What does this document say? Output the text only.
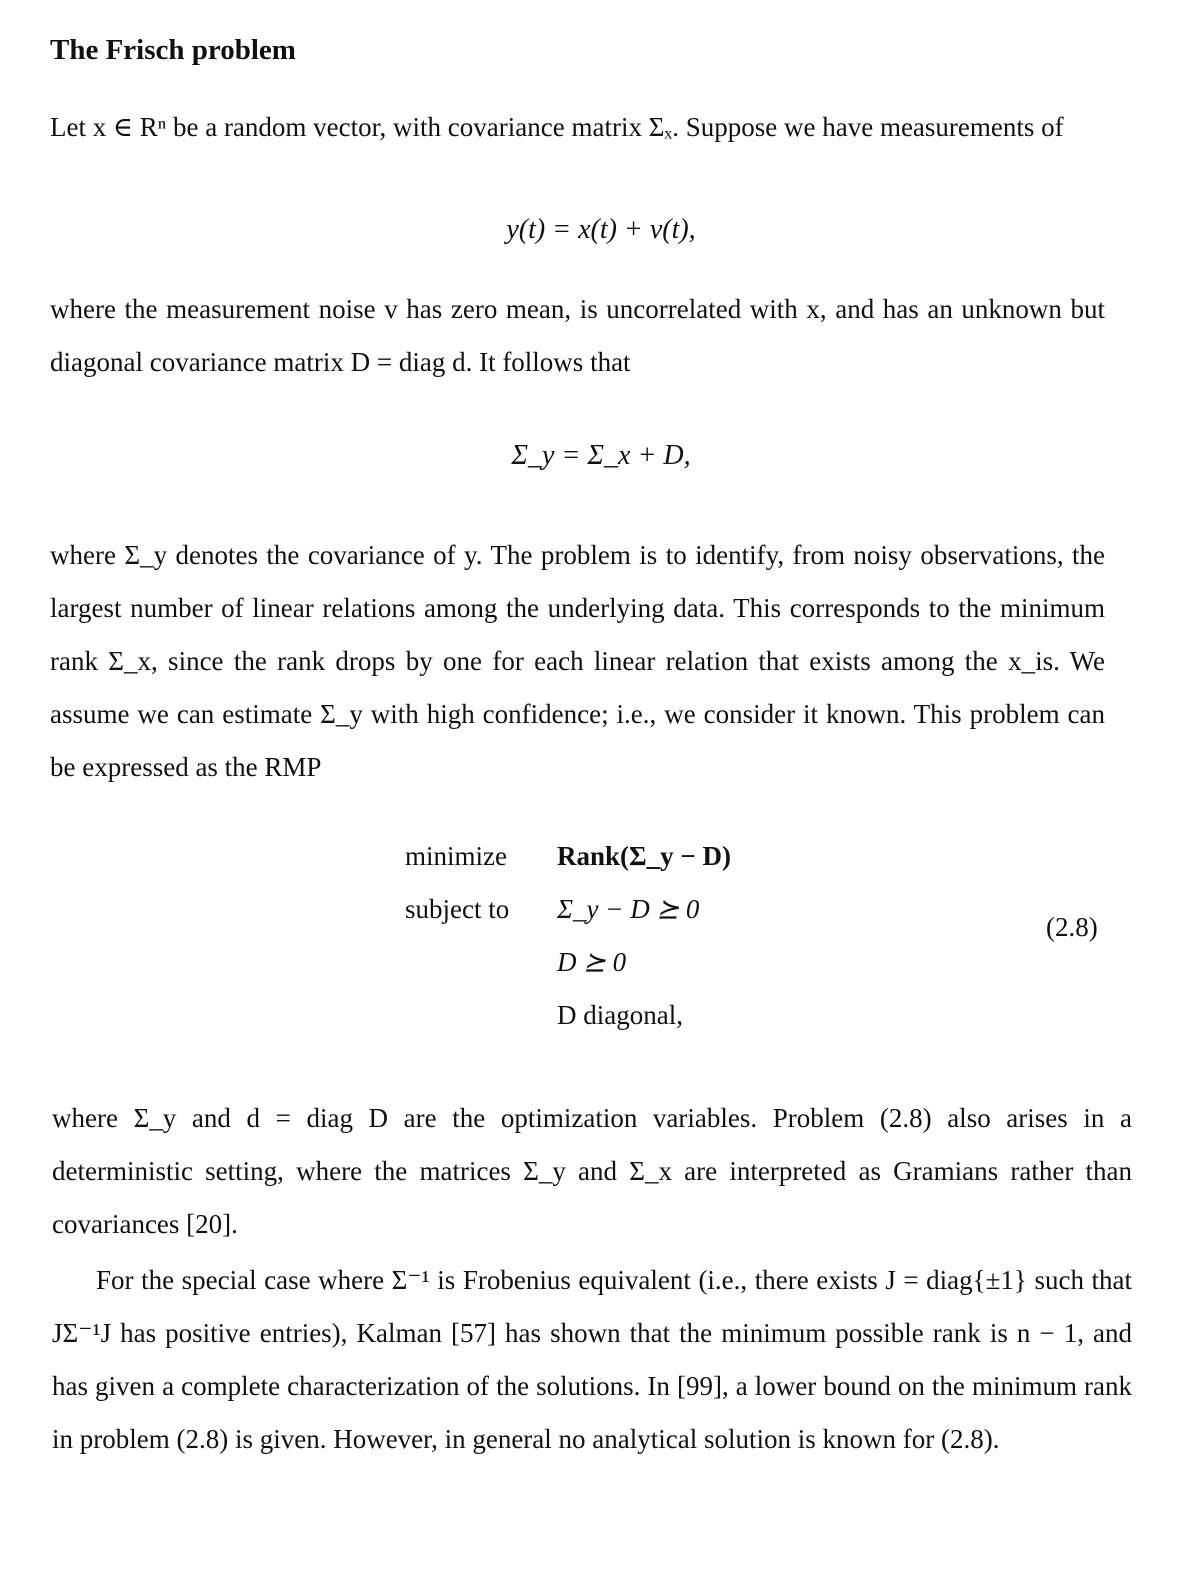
The Frisch problem

Let x ∈ Rⁿ be a random vector, with covariance matrix Σₓ. Suppose we have measurements of

y(t) = x(t) + v(t),

where the measurement noise v has zero mean, is uncorrelated with x, and has an unknown but diagonal covariance matrix D = diag d. It follows that

Σ_y = Σ_x + D,

where Σ_y denotes the covariance of y. The problem is to identify, from noisy observations, the largest number of linear relations among the underlying data. This corresponds to the minimum rank Σ_x, since the rank drops by one for each linear relation that exists among the x_is. We assume we can estimate Σ_y with high confidence; i.e., we consider it known. This problem can be expressed as the RMP

minimize	Rank(Σ_y − D)
subject to	Σ_y − D ⪰ 0
D ⪰ 0
D diagonal,
(2.8)

where Σ_y and d = diag D are the optimization variables. Problem (2.8) also arises in a deterministic setting, where the matrices Σ_y and Σ_x are interpreted as Gramians rather than covariances [20].

For the special case where Σ⁻¹ is Frobenius equivalent (i.e., there exists J = diag{±1} such that JΣ⁻¹J has positive entries), Kalman [57] has shown that the minimum possible rank is n − 1, and has given a complete characterization of the solutions. In [99], a lower bound on the minimum rank in problem (2.8) is given. However, in general no analytical solution is known for (2.8).
